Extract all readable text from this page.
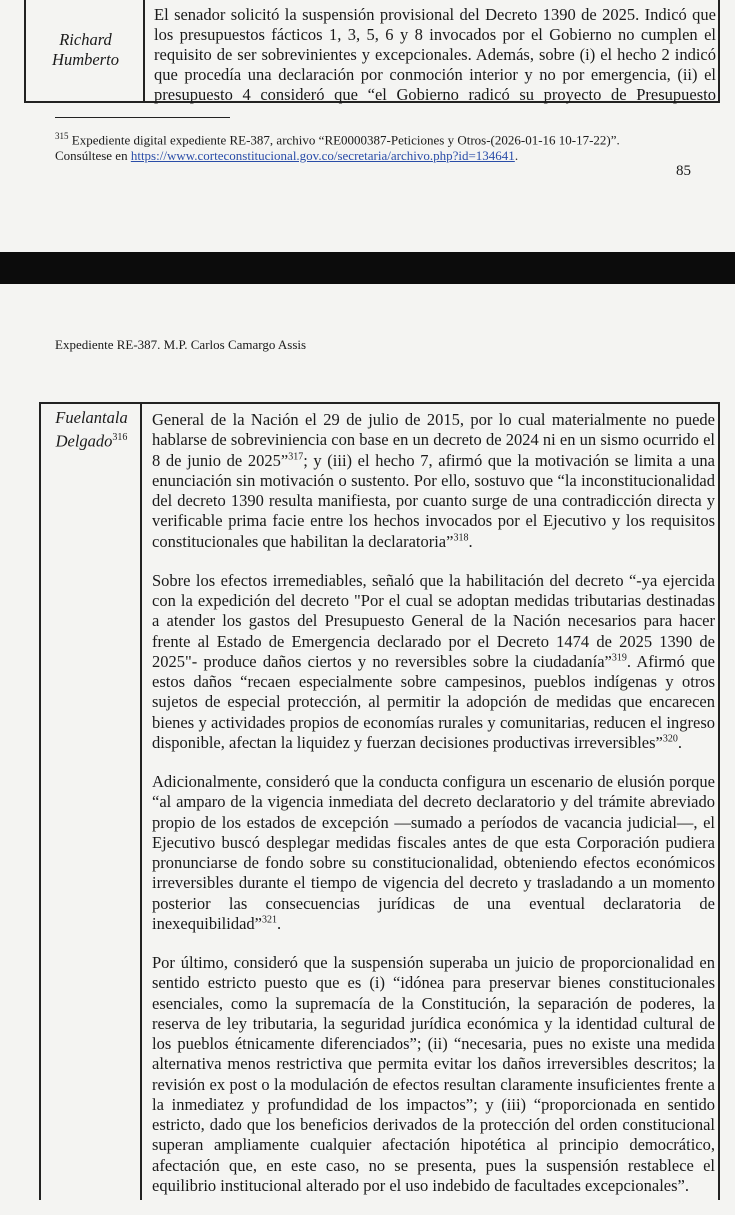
Richard
Humberto
El senador solicitó la suspensión provisional del Decreto 1390 de 2025. Indicó que
los presupuestos fácticos 1, 3, 5, 6 y 8 invocados por el Gobierno no cumplen el
requisito de ser sobrevinientes y excepcionales. Además, sobre (i) el hecho 2 indicó
que procedía una declaración por conmoción interior y no por emergencia, (ii) el
presupuesto 4 consideró que “el Gobierno radicó su proyecto de Presupuesto
$^{315}$ Expediente digital expediente RE-387, archivo “RE0000387-Peticiones y Otros-(2026-01-16 10-17-22)”.
Consúltese en https://www.corteconstitucional.gov.co/secretaria/archivo.php?id=134641.
85
Expediente RE-387. M.P. Carlos Camargo Assis
Fuelantala
Delgado$^{316}$

General de la Nación el 29 de julio de 2015, por lo cual materialmente no puede hablarse de sobreviniencia con base en un decreto de 2024 ni en un sismo ocurrido el 8 de junio de 2025”$^{317}$; y (iii) el hecho 7, afirmó que la motivación se limita a una enunciación sin motivación o sustento. Por ello, sostuvo que “la inconstitucionalidad del decreto 1390 resulta manifiesta, por cuanto surge de una contradicción directa y verificable prima facie entre los hechos invocados por el Ejecutivo y los requisitos constitucionales que habilitan la declaratoria”$^{318}$.

Sobre los efectos irremediables, señaló que la habilitación del decreto “-ya ejercida con la expedición del decreto "Por el cual se adoptan medidas tributarias destinadas a atender los gastos del Presupuesto General de la Nación necesarios para hacer frente al Estado de Emergencia declarado por el Decreto 1474 de 2025 1390 de 2025"- produce daños ciertos y no reversibles sobre la ciudadanía”$^{319}$. Afirmó que estos daños “recaen especialmente sobre campesinos, pueblos indígenas y otros sujetos de especial protección, al permitir la adopción de medidas que encarecen bienes y actividades propios de economías rurales y comunitarias, reducen el ingreso disponible, afectan la liquidez y fuerzan decisiones productivas irreversibles”$^{320}$.

Adicionalmente, consideró que la conducta configura un escenario de elusión porque “al amparo de la vigencia inmediata del decreto declaratorio y del trámite abreviado propio de los estados de excepción —sumado a períodos de vacancia judicial—, el Ejecutivo buscó desplegar medidas fiscales antes de que esta Corporación pudiera pronunciarse de fondo sobre su constitucionalidad, obteniendo efectos económicos irreversibles durante el tiempo de vigencia del decreto y trasladando a un momento posterior las consecuencias jurídicas de una eventual declaratoria de inexequibilidad”$^{321}$.

Por último, consideró que la suspensión superaba un juicio de proporcionalidad en sentido estricto puesto que es (i) “idónea para preservar bienes constitucionales esenciales, como la supremacía de la Constitución, la separación de poderes, la reserva de ley tributaria, la seguridad jurídica económica y la identidad cultural de los pueblos étnicamente diferenciados”; (ii) “necesaria, pues no existe una medida alternativa menos restrictiva que permita evitar los daños irreversibles descritos; la revisión ex post o la modulación de efectos resultan claramente insuficientes frente a la inmediatez y profundidad de los impactos”; y (iii) “proporcionada en sentido estricto, dado que los beneficios derivados de la protección del orden constitucional superan ampliamente cualquier afectación hipotética al principio democrático, afectación que, en este caso, no se presenta, pues la suspensión restablece el equilibrio institucional alterado por el uso indebido de facultades excepcionales”.
